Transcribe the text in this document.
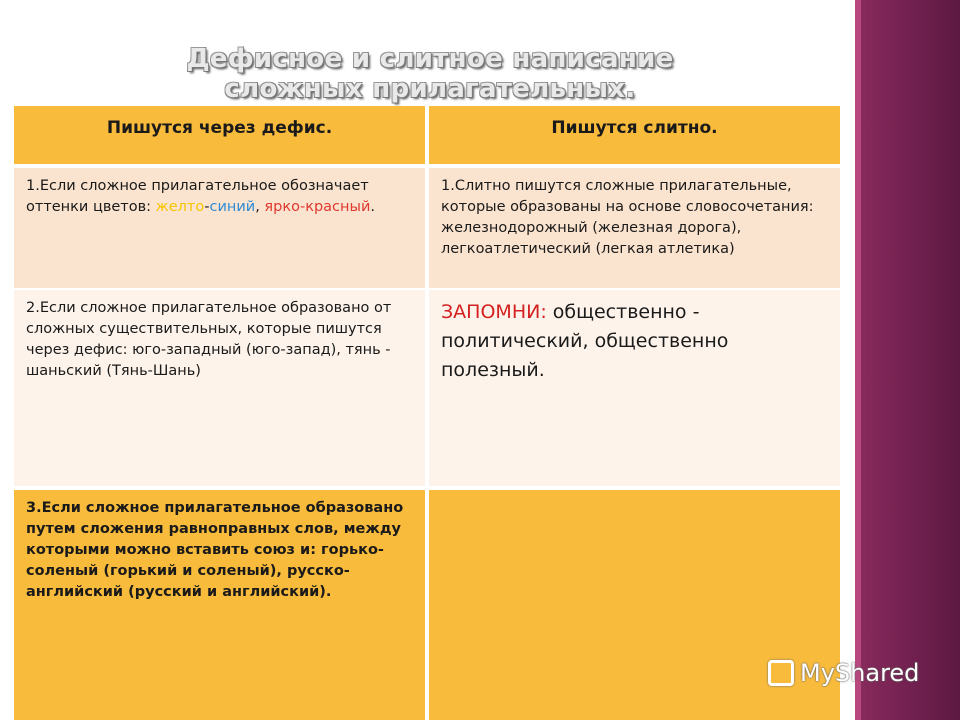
Дефисное и слитное написание сложных прилагательных.
Пишутся через дефис.	Пишутся слитно.
1.Если сложное прилагательное обозначает оттенки цветов: желто-синий, ярко-красный.
1.Слитно пишутся сложные прилагательные, которые образованы на основе словосочетания: железнодорожный (железная дорога), легкоатлетический (легкая атлетика)
2.Если сложное прилагательное образовано от сложных существительных, которые пишутся через дефис: юго-западный (юго-запад), тянь - шаньский (Тянь-Шань)
ЗАПОМНИ: общественно - политический, общественно полезный.
3.Если сложное прилагательное образовано путем сложения равноправных слов, между которыми можно вставить союз и: горько-соленый (горький и соленый), русско-английский (русский и английский).
MyShared
